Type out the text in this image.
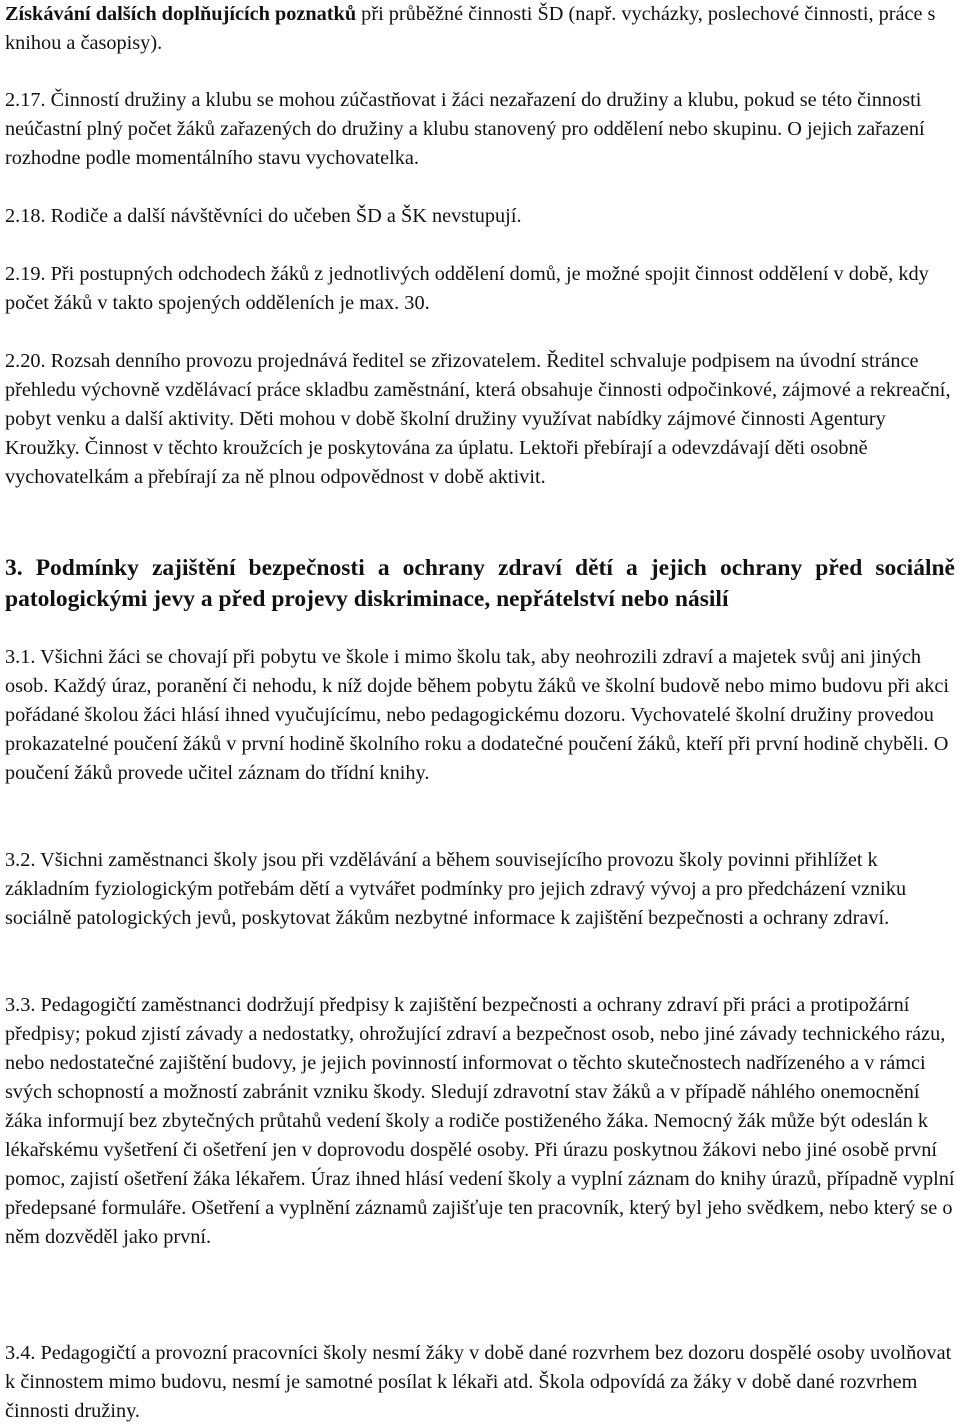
Získávání dalších doplňujících poznatků při průběžné činnosti ŠD (např. vycházky, poslechové činnosti, práce s knihou a časopisy).

2.17. Činností družiny a klubu se mohou zúčastňovat i žáci nezařazení do družiny a klubu, pokud se této činnosti neúčastní plný počet žáků zařazených do družiny a klubu stanovený pro oddělení nebo skupinu. O jejich zařazení rozhodne podle momentálního stavu vychovatelka.

2.18. Rodiče a další návštěvníci do učeben ŠD a ŠK nevstupují.

2.19. Při postupných odchodech žáků z jednotlivých oddělení domů, je možné spojit činnost oddělení v době, kdy počet žáků v takto spojených odděleních je max. 30.

2.20. Rozsah denního provozu projednává ředitel se zřizovatelem. Ředitel schvaluje podpisem na úvodní stránce přehledu výchovně vzdělávací práce skladbu zaměstnání, která obsahuje činnosti odpočinkové, zájmové a rekreační, pobyt venku a další aktivity. Děti mohou v době školní družiny využívat nabídky zájmové činnosti Agentury Kroužky. Činnost v těchto kroužcích je poskytována za úplatu. Lektoři přebírají a odevzdávají děti osobně vychovatelkám a přebírají za ně plnou odpovědnost v době aktivit.

3. Podmínky zajištění bezpečnosti a ochrany zdraví dětí a jejich ochrany před sociálně patologickými jevy a před projevy diskriminace, nepřátelství nebo násilí

3.1. Všichni žáci se chovají při pobytu ve škole i mimo školu tak, aby neohrozili zdraví a majetek svůj ani jiných osob. Každý úraz, poranění či nehodu, k níž dojde během pobytu žáků ve školní budově nebo mimo budovu při akci pořádané školou žáci hlásí ihned vyučujícímu, nebo pedagogickému dozoru. Vychovatelé školní družiny provedou prokazatelné poučení žáků v první hodině školního roku a dodatečné poučení žáků, kteří při první hodině chyběli. O poučení žáků provede učitel záznam do třídní knihy.

3.2. Všichni zaměstnanci školy jsou při vzdělávání a během souvisejícího provozu školy povinni přihlížet k základním fyziologickým potřebám dětí a vytvářet podmínky pro jejich zdravý vývoj a pro předcházení vzniku sociálně patologických jevů, poskytovat žákům nezbytné informace k zajištění bezpečnosti a ochrany zdraví.

3.3. Pedagogičtí zaměstnanci dodržují předpisy k zajištění bezpečnosti a ochrany zdraví při práci a protipožární předpisy; pokud zjistí závady a nedostatky, ohrožující zdraví a bezpečnost osob, nebo jiné závady technického rázu, nebo nedostatečné zajištění budovy, je jejich povinností informovat o těchto skutečnostech nadřízeného a v rámci svých schopností a možností zabránit vzniku škody. Sledují zdravotní stav žáků a v případě náhlého onemocnění žáka informují bez zbytečných průtahů vedení školy a rodiče postiženého žáka. Nemocný žák může být odeslán k lékařskému vyšetření či ošetření jen v doprovodu dospělé osoby. Při úrazu poskytnou žákovi nebo jiné osobě první pomoc, zajistí ošetření žáka lékařem. Úraz ihned hlásí vedení školy a vyplní záznam do knihy úrazů, případně vyplní předepsané formuláře. Ošetření a vyplnění záznamů zajišťuje ten pracovník, který byl jeho svědkem, nebo který se o něm dozvěděl jako první.

3.4. Pedagogičtí a provozní pracovníci školy nesmí žáky v době dané rozvrhem bez dozoru dospělé osoby uvolňovat k činnostem mimo budovu, nesmí je samotné posílat k lékaři atd. Škola odpovídá za žáky v době dané rozvrhem činnosti družiny.
